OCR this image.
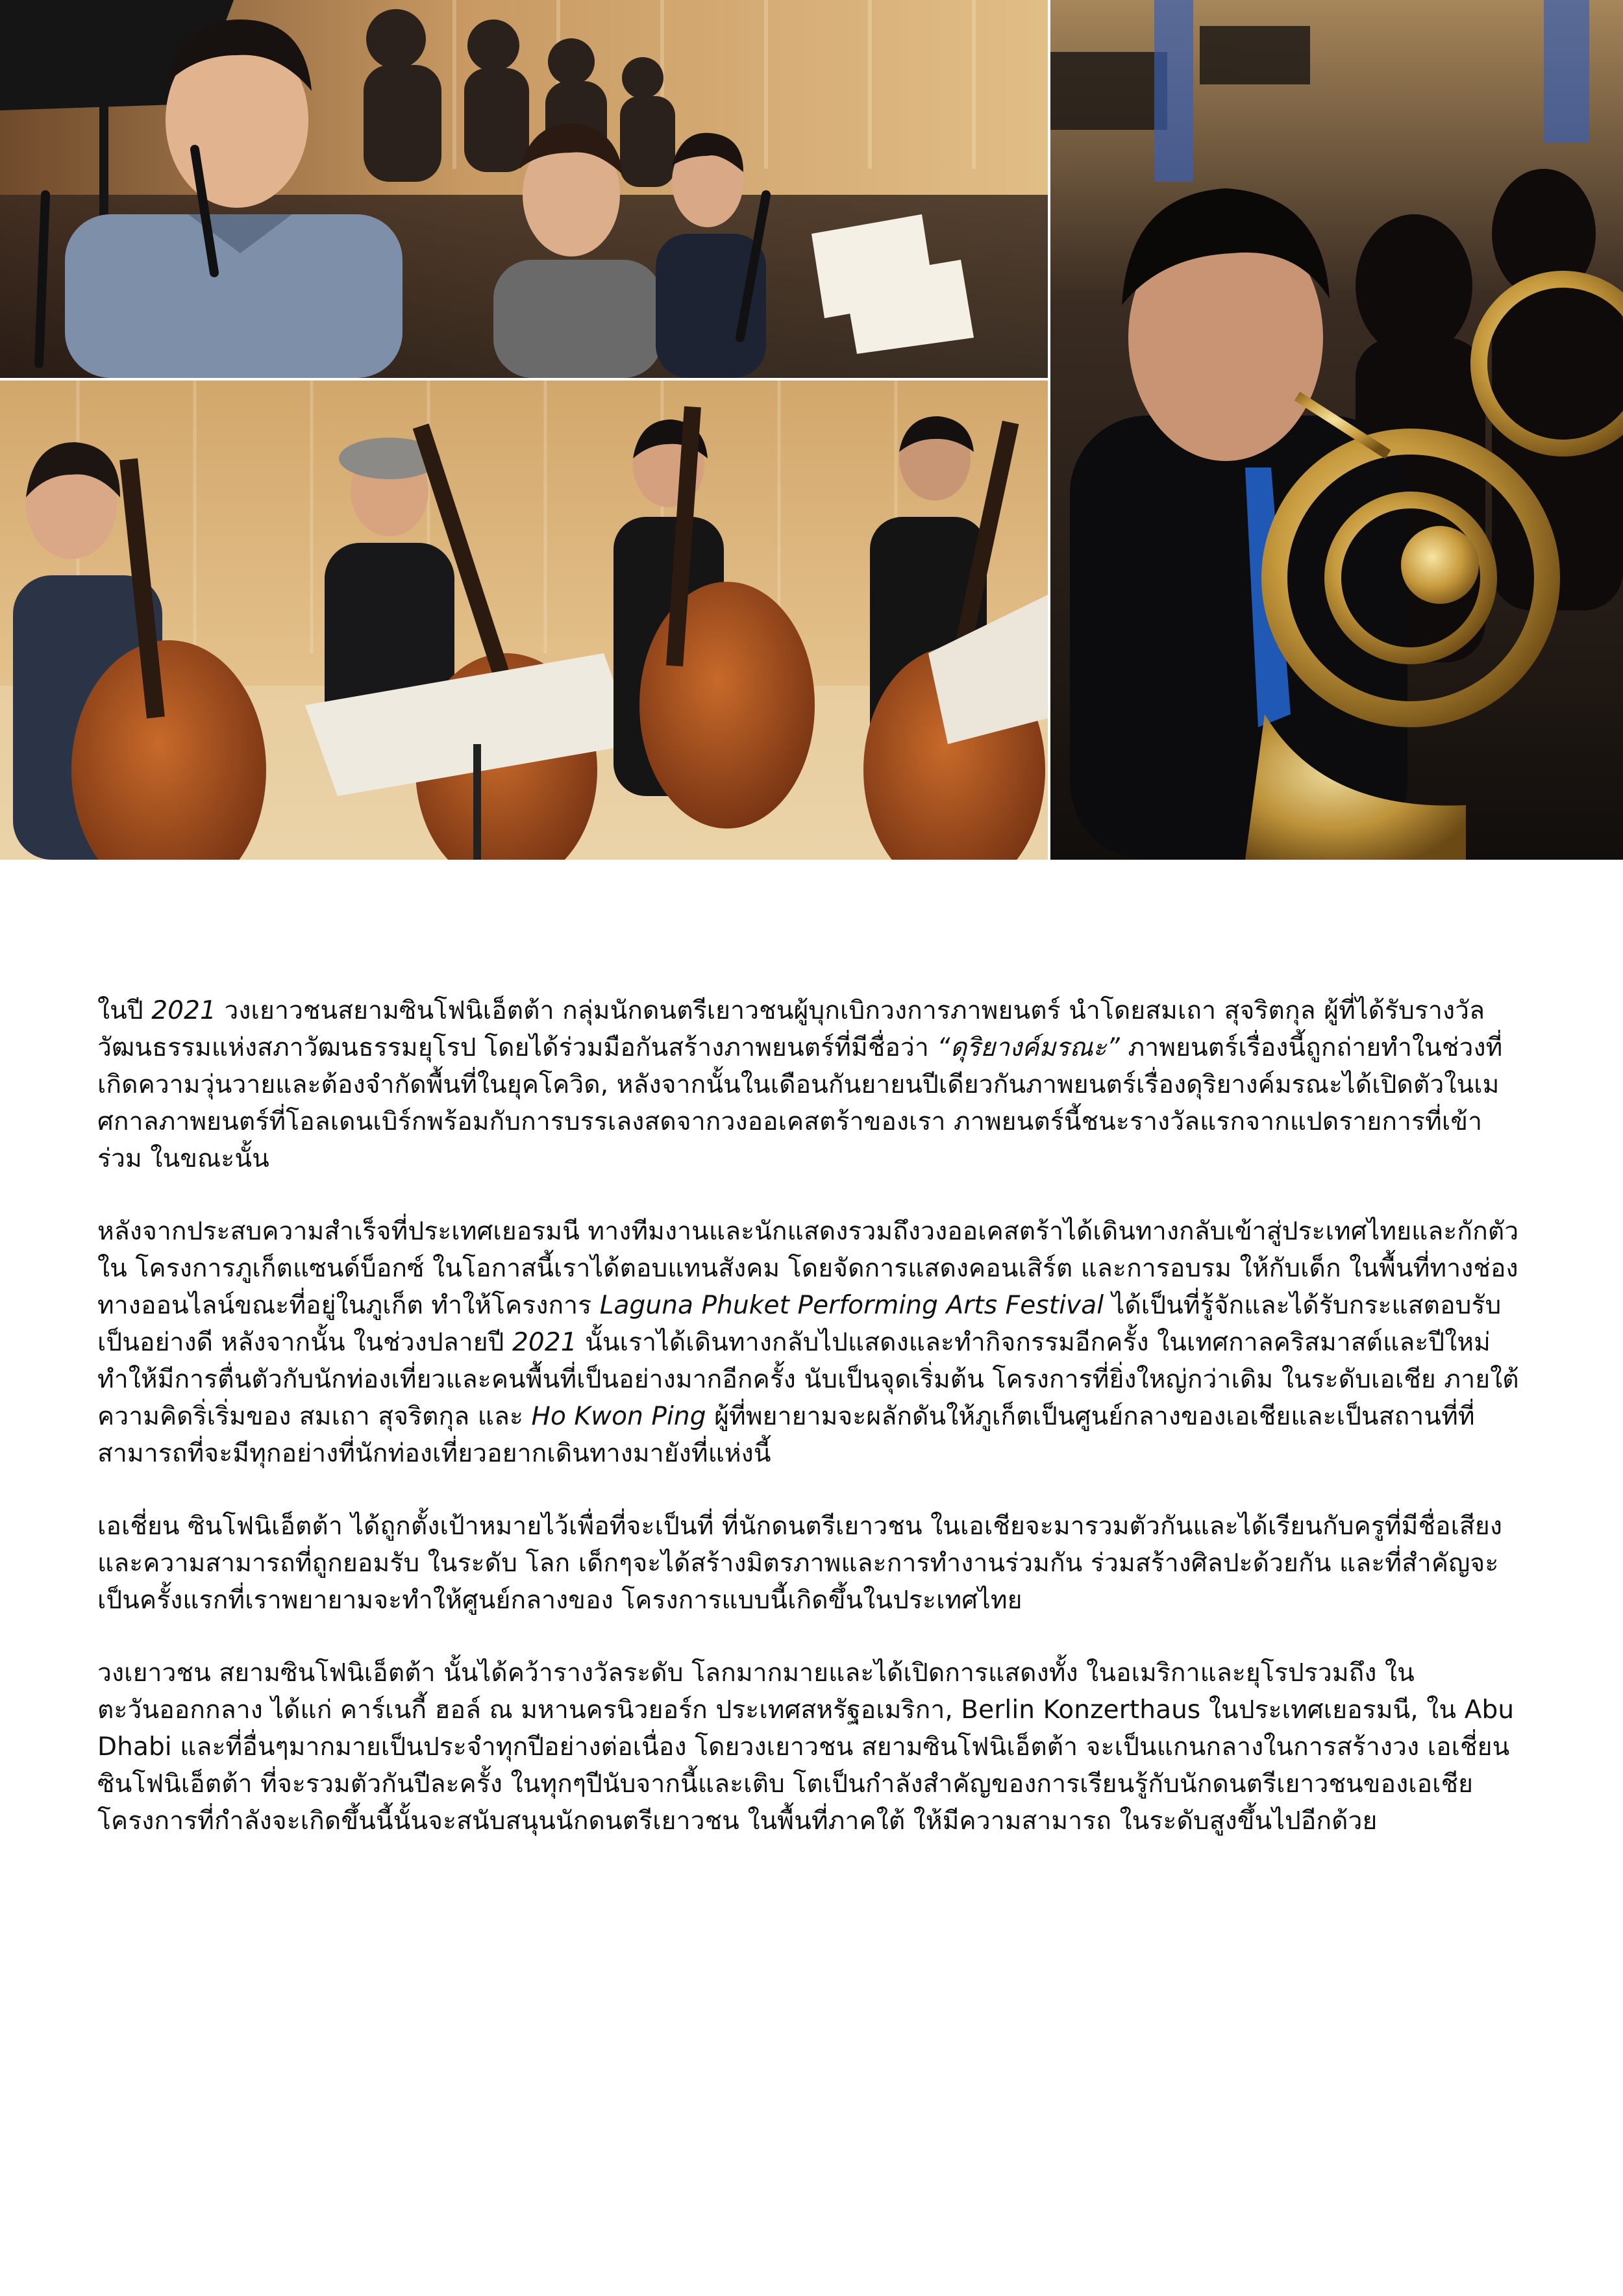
ในปี 2021 วงเยาวชนสยามซินโฟนิเอ็ตต้า กลุ่มนักดนตรีเยาวชนผู้บุกเบิกวงการภาพยนตร์ นำโดยสมเถา สุจริตกุล ผู้ที่ได้รับรางวัลวัฒนธรรมแห่งสภาวัฒนธรรมยุโรป โดยได้ร่วมมือกันสร้างภาพยนตร์ที่มีชื่อว่า “ดุริยางค์มรณะ” ภาพยนตร์เรื่องนี้ถูกถ่ายทำในช่วงที่เกิดความวุ่นวายและต้องจำกัดพื้นที่ในยุคโควิด, หลังจากนั้นในเดือนกันยายนปีเดียวกันภาพยนตร์เรื่องดุริยางค์มรณะได้เปิดตัวในเมศกาลภาพยนตร์ที่โอลเดนเบิร์กพร้อมกับการบรรเลงสดจากวงออเคสตร้าของเรา ภาพยนตร์นี้ชนะรางวัลแรกจากแปดรายการที่เข้าร่วม ในขณะนั้น

หลังจากประสบความสำเร็จที่ประเทศเยอรมนี ทางทีมงานและนักแสดงรวมถึงวงออเคสตร้าได้เดินทางกลับเข้าสู่ประเทศไทยและกักตัวใน โครงการภูเก็ตแซนด์บ็อกซ์ ในโอกาสนี้เราได้ตอบแทนสังคม โดยจัดการแสดงคอนเสิร์ต และการอบรม ให้กับเด็ก ในพื้นที่ทางช่องทางออนไลน์ขณะที่อยู่ในภูเก็ต ทำให้โครงการ Laguna Phuket Performing Arts Festival ได้เป็นที่รู้จักและได้รับกระแสตอบรับเป็นอย่างดี หลังจากนั้น ในช่วงปลายปี 2021 นั้นเราได้เดินทางกลับไปแสดงและทำกิจกรรมอีกครั้ง ในเทศกาลคริสมาสต์และปีใหม่ทำให้มีการตื่นตัวกับนักท่องเที่ยวและคนพื้นที่เป็นอย่างมากอีกครั้ง นับเป็นจุดเริ่มต้น โครงการที่ยิ่งใหญ่กว่าเดิม ในระดับเอเชีย ภายใต้ความคิดริ่เริ่มของ สมเถา สุจริตกุล และ Ho Kwon Ping ผู้ที่พยายามจะผลักดันให้ภูเก็ตเป็นศูนย์กลางของเอเชียและเป็นสถานที่ที่สามารถที่จะมีทุกอย่างที่นักท่องเที่ยวอยากเดินทางมายังที่แห่งนี้

เอเชี่ยน ซินโฟนิเอ็ตต้า ได้ถูกตั้งเป้าหมายไว้เพื่อที่จะเป็นที่ ที่นักดนตรีเยาวชน ในเอเชียจะมารวมตัวกันและได้เรียนกับครูที่มีชื่อเสียงและความสามารถที่ถูกยอมรับ ในระดับ โลก เด็กๆจะได้สร้างมิตรภาพและการทำงานร่วมกัน ร่วมสร้างศิลปะด้วยกัน และที่สำคัญจะเป็นครั้งแรกที่เราพยายามจะทำให้ศูนย์กลางของ โครงการแบบนี้เกิดขึ้นในประเทศไทย

วงเยาวชน สยามซินโฟนิเอ็ตต้า นั้นได้คว้ารางวัลระดับ โลกมากมายและได้เปิดการแสดงทั้ง ในอเมริกาและยุโรปรวมถึง ในตะวันออกกลาง ได้แก่ คาร์เนกี้ ฮอล์ ณ มหานครนิวยอร์ก ประเทศสหรัฐอเมริกา, Berlin Konzerthaus ในประเทศเยอรมนี, ใน Abu Dhabi และที่อื่นๆมากมายเป็นประจำทุกปีอย่างต่อเนื่อง โดยวงเยาวชน สยามซินโฟนิเอ็ตต้า จะเป็นแกนกลางในการสร้างวง เอเชี่ยน ซินโฟนิเอ็ตต้า ที่จะรวมตัวกันปีละครั้ง ในทุกๆปีนับจากนี้และเติบ โตเป็นกำลังสำคัญของการเรียนรู้กับนักดนตรีเยาวชนของเอเชีย โครงการที่กำลังจะเกิดขึ้นนี้นั้นจะสนับสนุนนักดนตรีเยาวชน ในพื้นที่ภาคใต้ ให้มีความสามารถ ในระดับสูงขึ้นไปอีกด้วย
